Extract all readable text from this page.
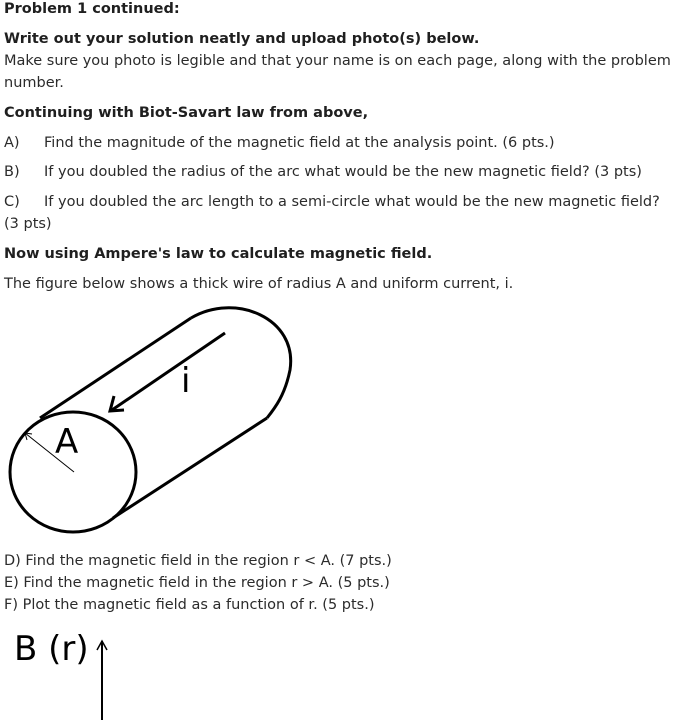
Problem 1 continued:
Write out your solution neatly and upload photo(s) below.
Make sure you photo is legible and that your name is on each page, along with the problem number.
Continuing with Biot-Savart law from above,
A) Find the magnitude of the magnetic field at the analysis point. (6 pts.)
B) If you doubled the radius of the arc what would be the new magnetic field? (3 pts)
C) If you doubled the arc length to a semi-circle what would be the new magnetic field?
(3 pts)
Now using Ampere's law to calculate magnetic field.
The figure below shows a thick wire of radius A and uniform current, i.
i
A
D) Find the magnetic field in the region r < A. (7 pts.)
E) Find the magnetic field in the region r > A. (5 pts.)
F) Plot the magnetic field as a function of r. (5 pts.)
B (r)
